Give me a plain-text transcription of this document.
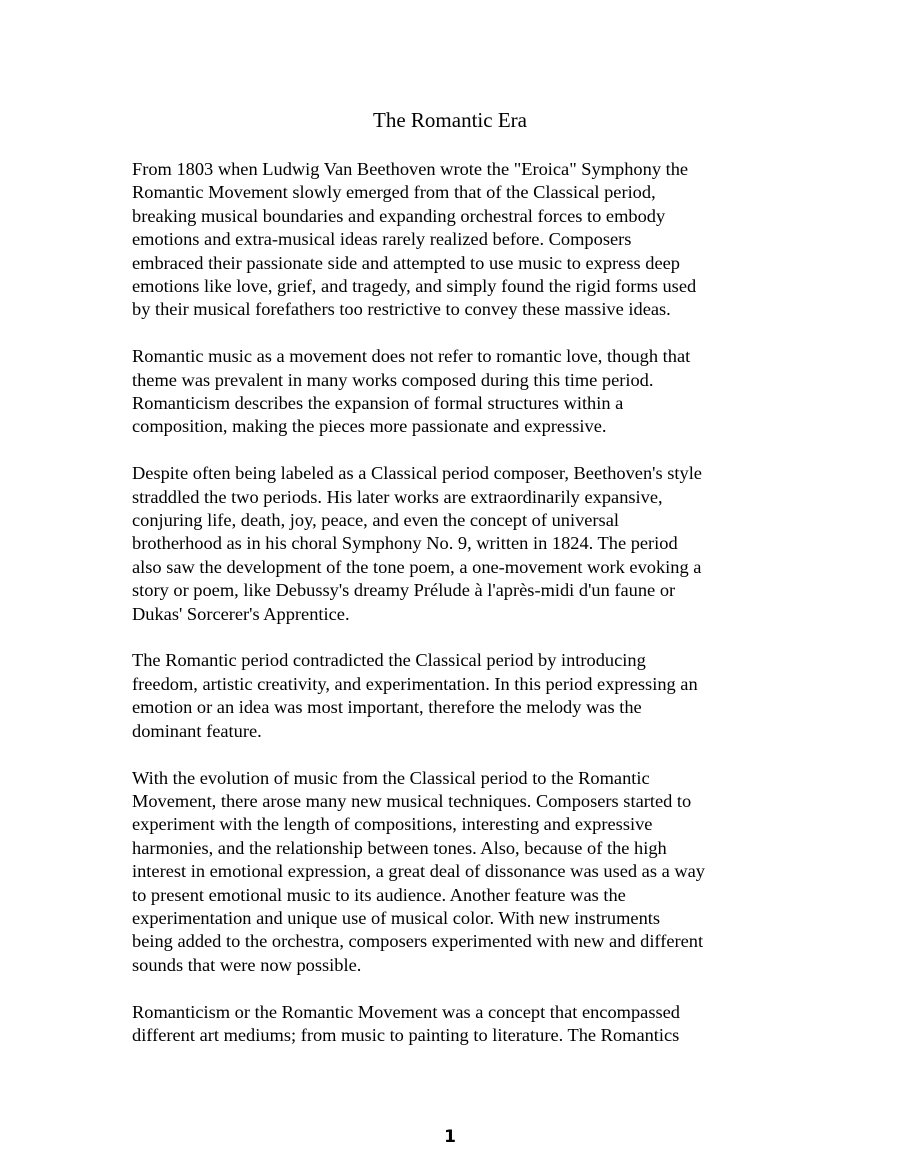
The Romantic Era

From 1803 when Ludwig Van Beethoven wrote the "Eroica" Symphony the
Romantic Movement slowly emerged from that of the Classical period,
breaking musical boundaries and expanding orchestral forces to embody
emotions and extra-musical ideas rarely realized before. Composers
embraced their passionate side and attempted to use music to express deep
emotions like love, grief, and tragedy, and simply found the rigid forms used
by their musical forefathers too restrictive to convey these massive ideas.

Romantic music as a movement does not refer to romantic love, though that
theme was prevalent in many works composed during this time period.
Romanticism describes the expansion of formal structures within a
composition, making the pieces more passionate and expressive.

Despite often being labeled as a Classical period composer, Beethoven's style
straddled the two periods. His later works are extraordinarily expansive,
conjuring life, death, joy, peace, and even the concept of universal
brotherhood as in his choral Symphony No. 9, written in 1824. The period
also saw the development of the tone poem, a one-movement work evoking a
story or poem, like Debussy's dreamy Prélude à l'après-midi d'un faune or
Dukas' Sorcerer's Apprentice.

The Romantic period contradicted the Classical period by introducing
freedom, artistic creativity, and experimentation. In this period expressing an
emotion or an idea was most important, therefore the melody was the
dominant feature.

With the evolution of music from the Classical period to the Romantic
Movement, there arose many new musical techniques. Composers started to
experiment with the length of compositions, interesting and expressive
harmonies, and the relationship between tones. Also, because of the high
interest in emotional expression, a great deal of dissonance was used as a way
to present emotional music to its audience. Another feature was the
experimentation and unique use of musical color. With new instruments
being added to the orchestra, composers experimented with new and different
sounds that were now possible.

Romanticism or the Romantic Movement was a concept that encompassed
different art mediums; from music to painting to literature. The Romantics

1
